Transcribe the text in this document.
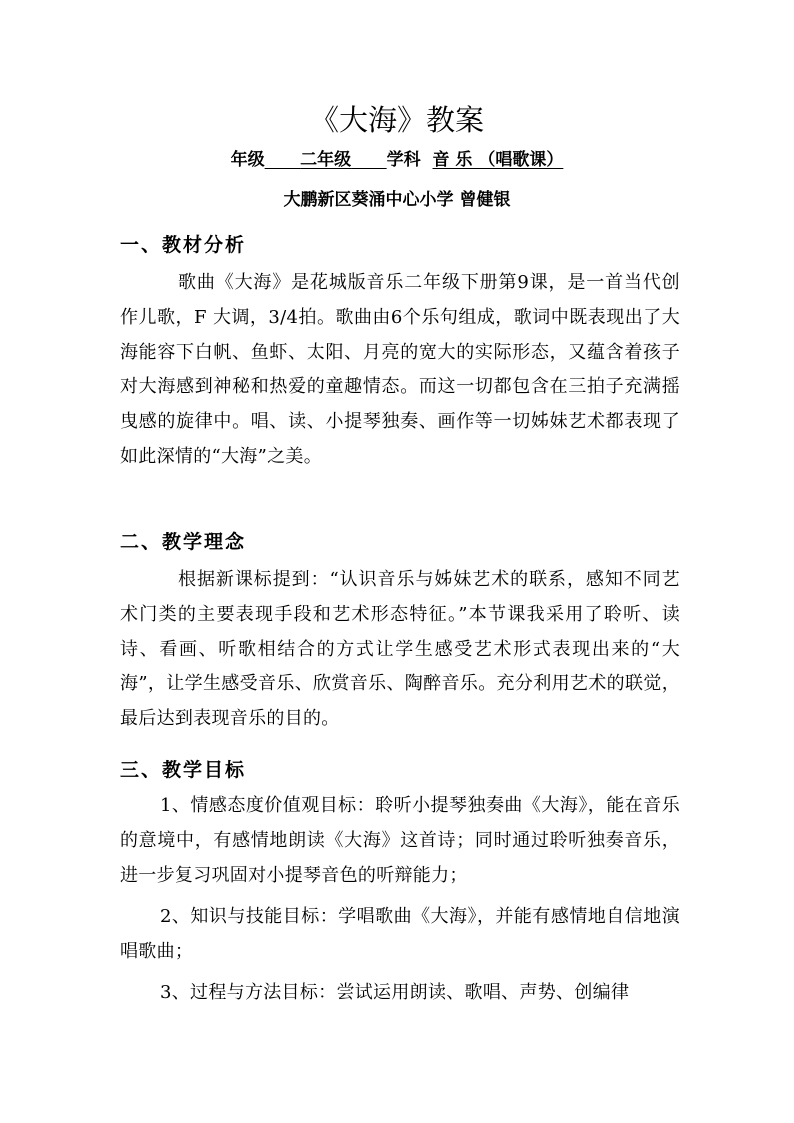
《大海》教案
年级 二年级 学科 音 乐 （唱歌课）
大鹏新区葵涌中心小学 曾健银
一、教材分析

歌曲《大海》是花城版音乐二年级下册第9课，是一首当代创作儿歌，F 大调，3/4拍。歌曲由6个乐句组成，歌词中既表现出了大海能容下白帆、鱼虾、太阳、月亮的宽大的实际形态，又蕴含着孩子对大海感到神秘和热爱的童趣情态。而这一切都包含在三拍子充满摇曳感的旋律中。唱、读、小提琴独奏、画作等一切姊妹艺术都表现了如此深情的“大海”之美。

二、教学理念

根据新课标提到：“认识音乐与姊妹艺术的联系，感知不同艺术门类的主要表现手段和艺术形态特征。”本节课我采用了聆听、读诗、看画、听歌相结合的方式让学生感受艺术形式表现出来的“大海”，让学生感受音乐、欣赏音乐、陶醉音乐。充分利用艺术的联觉，最后达到表现音乐的目的。

三、教学目标

1、情感态度价值观目标：聆听小提琴独奏曲《大海》，能在音乐的意境中，有感情地朗读《大海》这首诗；同时通过聆听独奏音乐，进一步复习巩固对小提琴音色的听辩能力；

2、知识与技能目标：学唱歌曲《大海》，并能有感情地自信地演唱歌曲；

3、过程与方法目标：尝试运用朗读、歌唱、声势、创编律
